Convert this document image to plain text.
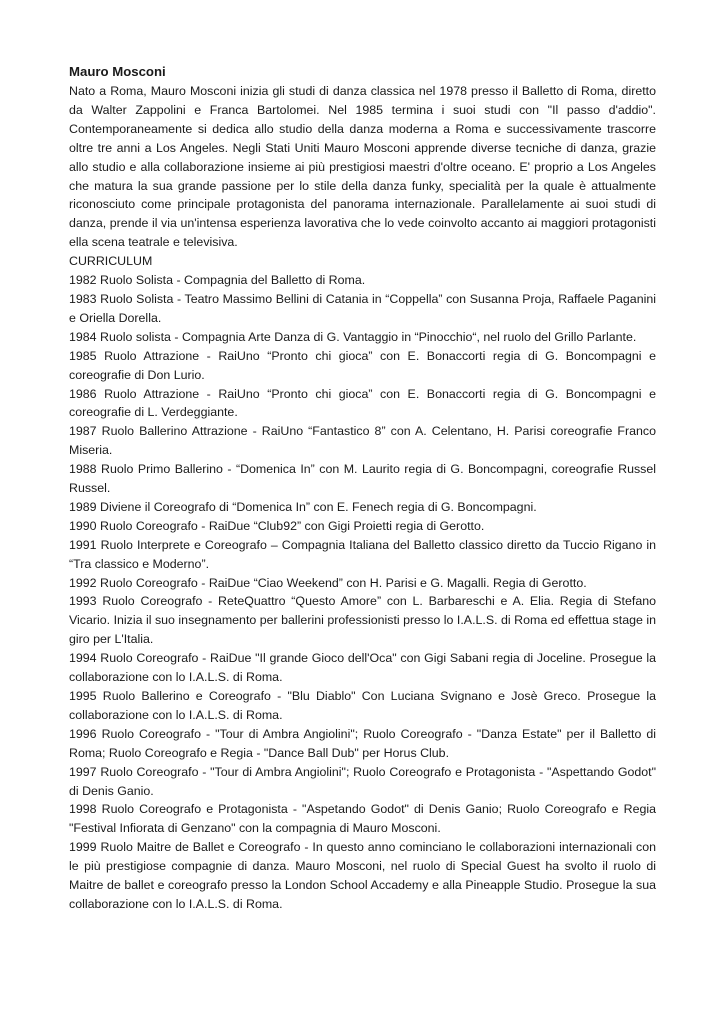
Mauro Mosconi

Nato a Roma, Mauro Mosconi inizia gli studi di danza classica nel 1978 presso il Balletto di Roma, diretto da Walter Zappolini e Franca Bartolomei. Nel 1985 termina i suoi studi con "Il passo d'addio". Contemporaneamente si dedica allo studio della danza moderna a Roma e successivamente trascorre oltre tre anni a Los Angeles. Negli Stati Uniti Mauro Mosconi apprende diverse tecniche di danza, grazie allo studio e alla collaborazione insieme ai più prestigiosi maestri d'oltre oceano. E' proprio a Los Angeles che matura la sua grande passione per lo stile della danza funky, specialità per la quale è attualmente riconosciuto come principale protagonista del panorama internazionale. Parallelamente ai suoi studi di danza, prende il via un'intensa esperienza lavorativa che lo vede coinvolto accanto ai maggiori protagonisti ella scena teatrale e televisiva.

CURRICULUM

1982 Ruolo Solista - Compagnia del Balletto di Roma.

1983 Ruolo Solista - Teatro Massimo Bellini di Catania in “Coppella” con Susanna Proja, Raffaele Paganini e Oriella Dorella.

1984 Ruolo solista - Compagnia Arte Danza di G. Vantaggio in “Pinocchio“, nel ruolo del Grillo Parlante.

1985 Ruolo Attrazione - RaiUno “Pronto chi gioca” con E. Bonaccorti regia di G. Boncompagni e coreografie di Don Lurio.

1986 Ruolo Attrazione - RaiUno “Pronto chi gioca” con E. Bonaccorti regia di G. Boncompagni e coreografie di L. Verdeggiante.

1987 Ruolo Ballerino Attrazione - RaiUno “Fantastico 8” con A. Celentano, H. Parisi coreografie Franco Miseria.

1988 Ruolo Primo Ballerino - “Domenica In” con M. Laurito regia di G. Boncompagni, coreografie Russel Russel.

1989 Diviene il Coreografo di “Domenica In” con E. Fenech regia di G. Boncompagni.

1990 Ruolo Coreografo - RaiDue “Club92” con Gigi Proietti regia di Gerotto.

1991 Ruolo Interprete e Coreografo – Compagnia Italiana del Balletto classico diretto da Tuccio Rigano in “Tra classico e Moderno”.

1992 Ruolo Coreografo - RaiDue “Ciao Weekend” con H. Parisi e G. Magalli. Regia di Gerotto.

1993 Ruolo Coreografo - ReteQuattro “Questo Amore” con L. Barbareschi e A. Elia. Regia di Stefano Vicario. Inizia il suo insegnamento per ballerini professionisti presso lo I.A.L.S. di Roma ed effettua stage in giro per L'Italia.

1994 Ruolo Coreografo - RaiDue "Il grande Gioco dell'Oca" con Gigi Sabani regia di Joceline. Prosegue la collaborazione con lo I.A.L.S. di Roma.

1995 Ruolo Ballerino e Coreografo - "Blu Diablo" Con Luciana Svignano e Josè Greco. Prosegue la collaborazione con lo I.A.L.S. di Roma.

1996 Ruolo Coreografo - "Tour di Ambra Angiolini"; Ruolo Coreografo - "Danza Estate" per il Balletto di Roma; Ruolo Coreografo e Regia - "Dance Ball Dub" per Horus Club.

1997 Ruolo Coreografo - "Tour di Ambra Angiolini"; Ruolo Coreografo e Protagonista - "Aspettando Godot" di Denis Ganio.

1998 Ruolo Coreografo e Protagonista - "Aspetando Godot" di Denis Ganio; Ruolo Coreografo e Regia "Festival Infiorata di Genzano" con la compagnia di Mauro Mosconi.

1999 Ruolo Maitre de Ballet e Coreografo - In questo anno cominciano le collaborazioni internazionali con le più prestigiose compagnie di danza. Mauro Mosconi, nel ruolo di Special Guest ha svolto il ruolo di Maitre de ballet e coreografo presso la London School Accademy e alla Pineapple Studio. Prosegue la sua collaborazione con lo I.A.L.S. di Roma.
